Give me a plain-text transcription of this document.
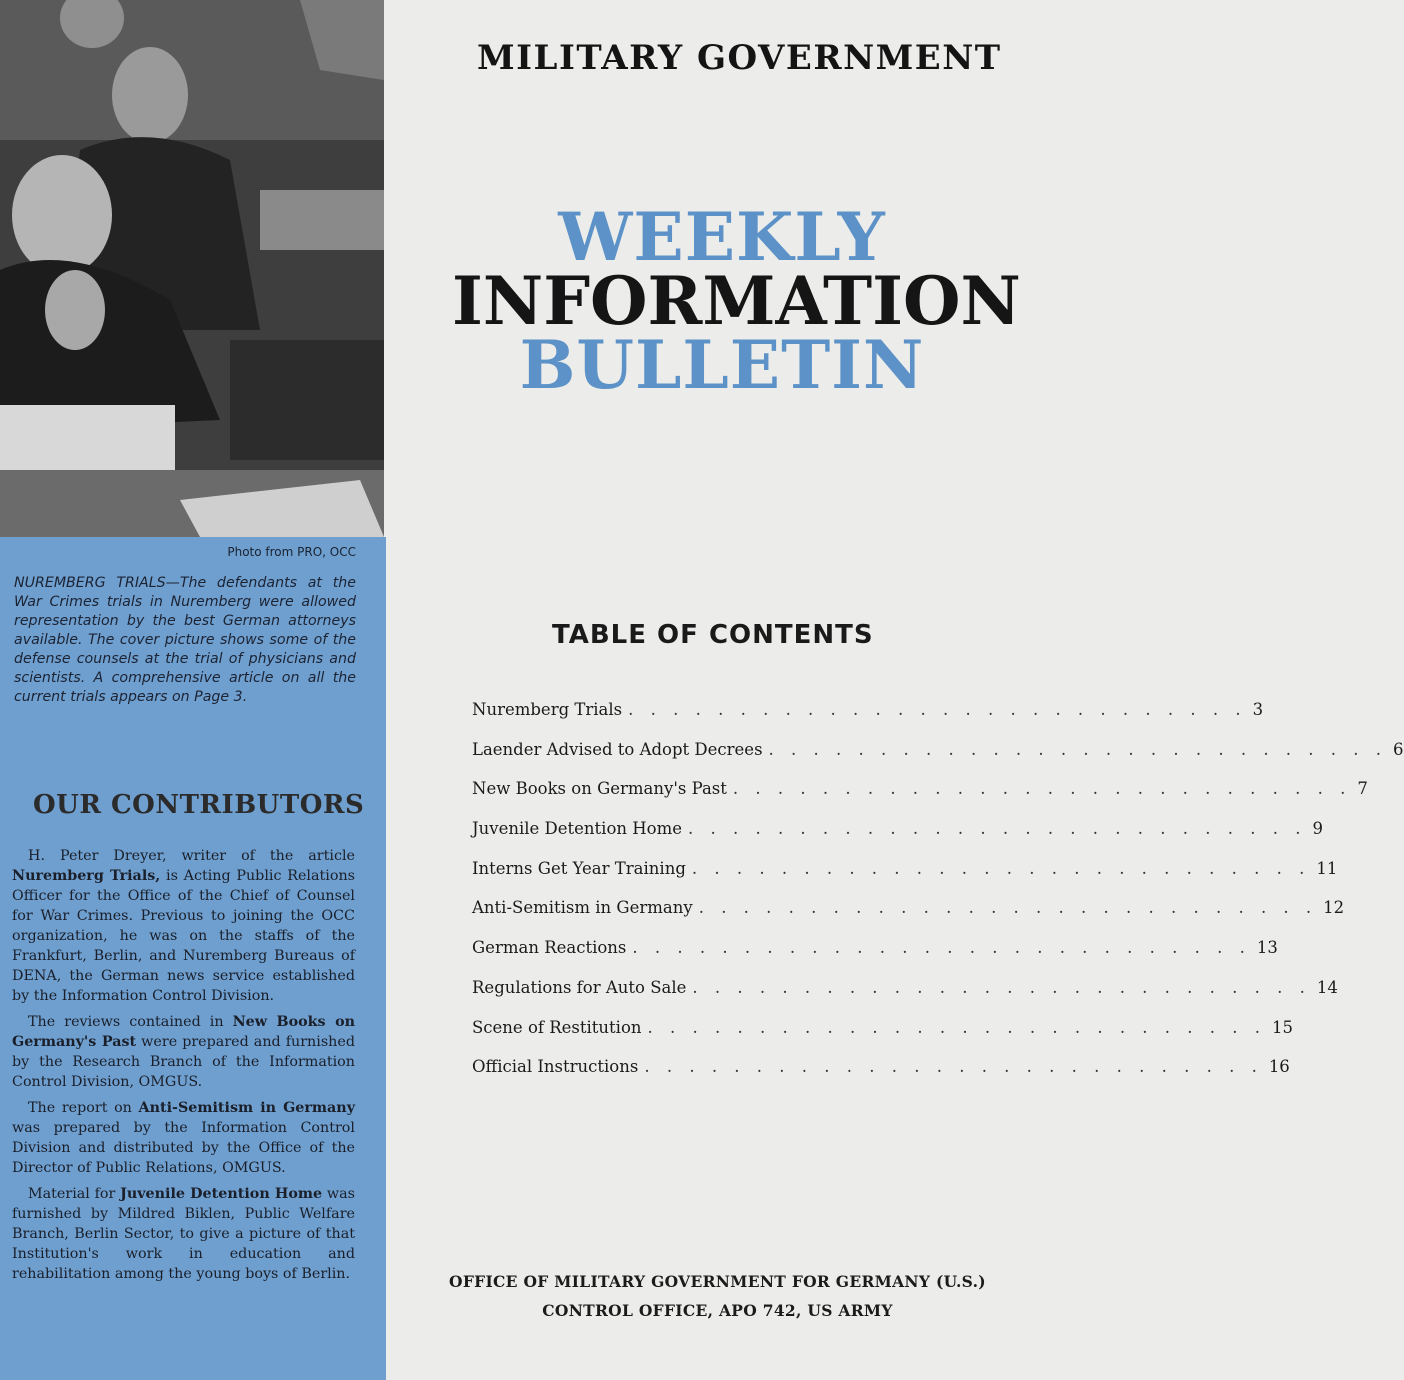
Photo from PRO, OCC

NUREMBERG TRIALS—The defendants at the War Crimes trials in Nuremberg were allowed representation by the best German attorneys available. The cover picture shows some of the defense counsels at the trial of physicians and scientists. A comprehensive article on all the current trials appears on Page 3.

OUR CONTRIBUTORS

H. Peter Dreyer, writer of the article Nuremberg Trials, is Acting Public Relations Officer for the Office of the Chief of Counsel for War Crimes. Previous to joining the OCC organization, he was on the staffs of the Frankfurt, Berlin, and Nuremberg Bureaus of DENA, the German news service established by the Information Control Division.

The reviews contained in New Books on Germany's Past were prepared and furnished by the Research Branch of the Information Control Division, OMGUS.

The report on Anti-Semitism in Germany was prepared by the Information Control Division and distributed by the Office of the Director of Public Relations, OMGUS.

Material for Juvenile Detention Home was furnished by Mildred Biklen, Public Welfare Branch, Berlin Sector, to give a picture of that Institution's work in education and rehabilitation among the young boys of Berlin.

MILITARY GOVERNMENT
WEEKLY
INFORMATION
BULLETIN
TABLE OF CONTENTS
Nuremberg Trials . . . . . . . . . . . . . . . . . . . . . . . . . . . . 3
Laender Advised to Adopt Decrees . . . . . . . . . . . . . . . . . . . . . . . . . . . . 6
New Books on Germany's Past . . . . . . . . . . . . . . . . . . . . . . . . . . . . 7
Juvenile Detention Home . . . . . . . . . . . . . . . . . . . . . . . . . . . . 9
Interns Get Year Training . . . . . . . . . . . . . . . . . . . . . . . . . . . . 11
Anti-Semitism in Germany . . . . . . . . . . . . . . . . . . . . . . . . . . . . 12
German Reactions . . . . . . . . . . . . . . . . . . . . . . . . . . . . 13
Regulations for Auto Sale . . . . . . . . . . . . . . . . . . . . . . . . . . . . 14
Scene of Restitution . . . . . . . . . . . . . . . . . . . . . . . . . . . . 15
Official Instructions . . . . . . . . . . . . . . . . . . . . . . . . . . . . 16
OFFICE OF MILITARY GOVERNMENT FOR GERMANY (U.S.)
CONTROL OFFICE, APO 742, US ARMY
